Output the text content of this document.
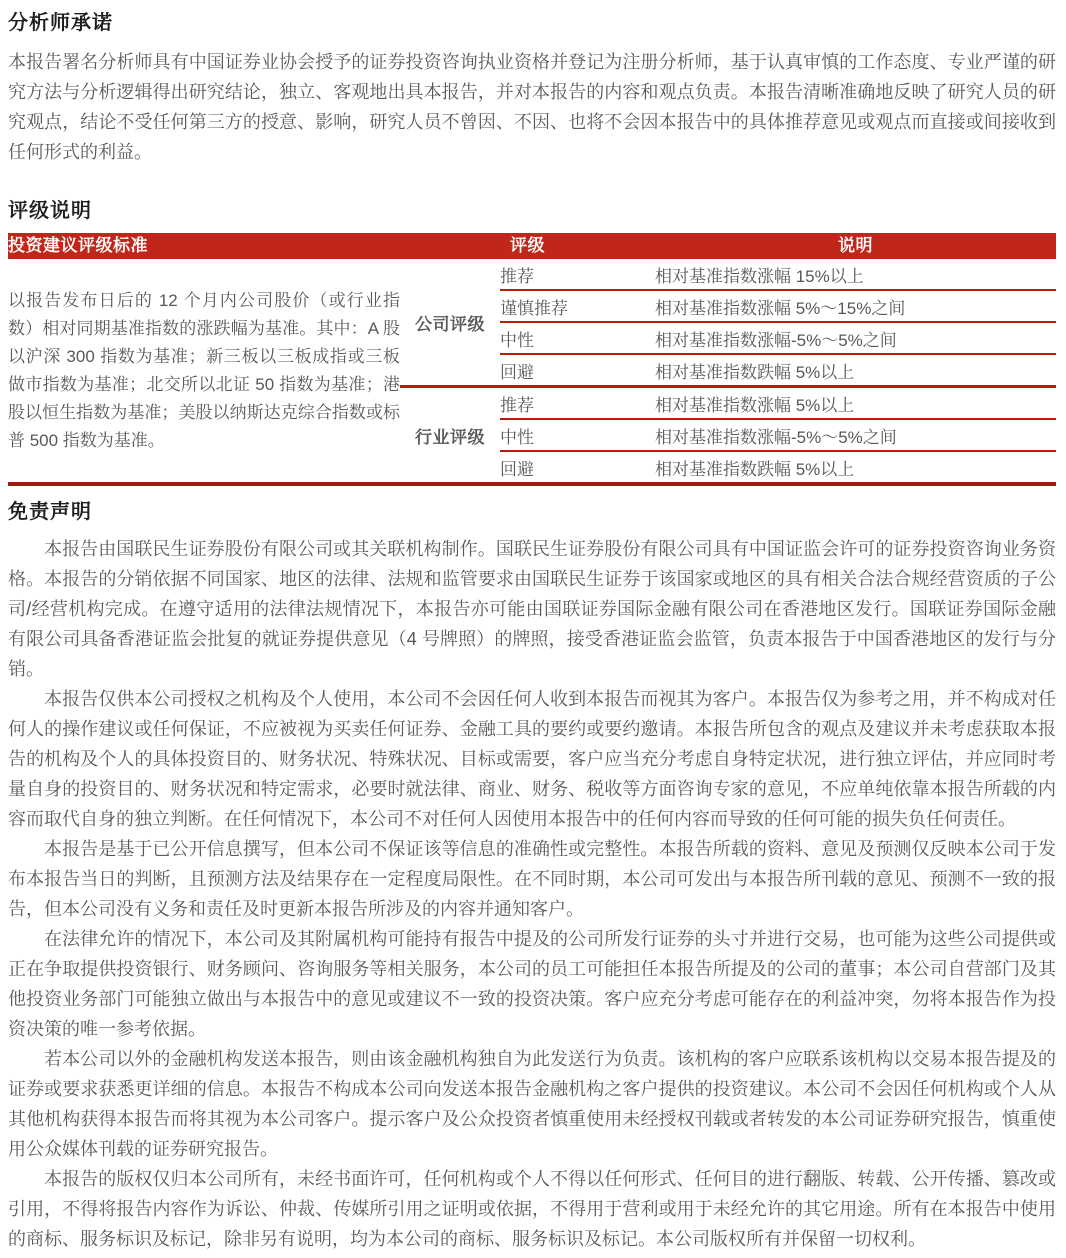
分析师承诺

本报告署名分析师具有中国证券业协会授予的证券投资咨询执业资格并登记为注册分析师，基于认真审慎的工作态度、专业严谨的研究方法与分析逻辑得出研究结论，独立、客观地出具本报告，并对本报告的内容和观点负责。本报告清晰准确地反映了研究人员的研究观点，结论不受任何第三方的授意、影响，研究人员不曾因、不因、也将不会因本报告中的具体推荐意见或观点而直接或间接收到任何形式的利益。

评级说明
投资建议评级标准	评级		说明
以报告发布日后的 12 个月内公司股价（或行业指数）相对同期基准指数的涨跌幅为基准。其中：A 股以沪深 300 指数为基准；新三板以三板成指或三板做市指数为基准；北交所以北证 50 指数为基准；港股以恒生指数为基准；美股以纳斯达克综合指数或标普 500 指数为基准。	公司评级	推荐	相对基准指数涨幅 15%以上
		谨慎推荐	相对基准指数涨幅 5%～15%之间
		中性	相对基准指数涨幅-5%～5%之间
		回避	相对基准指数跌幅 5%以上
	行业评级	推荐	相对基准指数涨幅 5%以上
		中性	相对基准指数涨幅-5%～5%之间
		回避	相对基准指数跌幅 5%以上
免责声明

本报告由国联民生证券股份有限公司或其关联机构制作。国联民生证券股份有限公司具有中国证监会许可的证券投资咨询业务资格。本报告的分销依据不同国家、地区的法律、法规和监管要求由国联民生证券于该国家或地区的具有相关合法合规经营资质的子公司/经营机构完成。在遵守适用的法律法规情况下，本报告亦可能由国联证券国际金融有限公司在香港地区发行。国联证券国际金融有限公司具备香港证监会批复的就证券提供意见（4 号牌照）的牌照，接受香港证监会监管，负责本报告于中国香港地区的发行与分销。

本报告仅供本公司授权之机构及个人使用，本公司不会因任何人收到本报告而视其为客户。本报告仅为参考之用，并不构成对任何人的操作建议或任何保证，不应被视为买卖任何证券、金融工具的要约或要约邀请。本报告所包含的观点及建议并未考虑获取本报告的机构及个人的具体投资目的、财务状况、特殊状况、目标或需要，客户应当充分考虑自身特定状况，进行独立评估，并应同时考量自身的投资目的、财务状况和特定需求，必要时就法律、商业、财务、税收等方面咨询专家的意见，不应单纯依靠本报告所载的内容而取代自身的独立判断。在任何情况下，本公司不对任何人因使用本报告中的任何内容而导致的任何可能的损失负任何责任。

本报告是基于已公开信息撰写，但本公司不保证该等信息的准确性或完整性。本报告所载的资料、意见及预测仅反映本公司于发布本报告当日的判断，且预测方法及结果存在一定程度局限性。在不同时期，本公司可发出与本报告所刊载的意见、预测不一致的报告，但本公司没有义务和责任及时更新本报告所涉及的内容并通知客户。

在法律允许的情况下，本公司及其附属机构可能持有报告中提及的公司所发行证券的头寸并进行交易，也可能为这些公司提供或正在争取提供投资银行、财务顾问、咨询服务等相关服务，本公司的员工可能担任本报告所提及的公司的董事；本公司自营部门及其他投资业务部门可能独立做出与本报告中的意见或建议不一致的投资决策。客户应充分考虑可能存在的利益冲突，勿将本报告作为投资决策的唯一参考依据。

若本公司以外的金融机构发送本报告，则由该金融机构独自为此发送行为负责。该机构的客户应联系该机构以交易本报告提及的证券或要求获悉更详细的信息。本报告不构成本公司向发送本报告金融机构之客户提供的投资建议。本公司不会因任何机构或个人从其他机构获得本报告而将其视为本公司客户。提示客户及公众投资者慎重使用未经授权刊载或者转发的本公司证券研究报告，慎重使用公众媒体刊载的证券研究报告。

本报告的版权仅归本公司所有，未经书面许可，任何机构或个人不得以任何形式、任何目的进行翻版、转载、公开传播、篡改或引用，不得将报告内容作为诉讼、仲裁、传媒所引用之证明或依据，不得用于营利或用于未经允许的其它用途。所有在本报告中使用的商标、服务标识及标记，除非另有说明，均为本公司的商标、服务标识及标记。本公司版权所有并保留一切权利。
